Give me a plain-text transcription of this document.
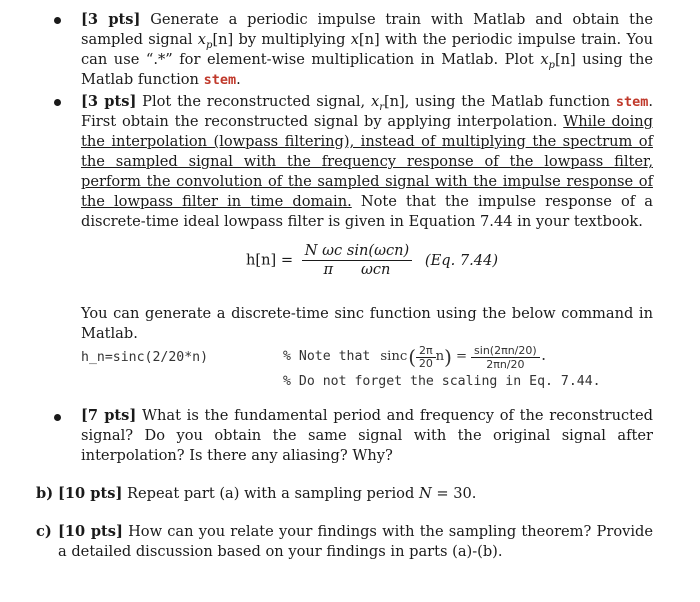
[3 pts] Generate a periodic impulse train with Matlab and obtain the sampled signal $x_p[n]$ by multiplying x[n] with the periodic impulse train. You can use “.*” for element-wise multiplication in Matlab. Plot $x_p[n]$ using the Matlab function stem.
[3 pts] Plot the reconstructed signal, $x_r[n]$, using the Matlab function stem. First obtain the reconstructed signal by applying interpolation. While doing the interpolation (lowpass filtering), instead of multiplying the spectrum of the sampled signal with the frequency response of the lowpass filter, perform the convolution of the sampled signal with the impulse response of the lowpass filter in time domain. Note that the impulse response of a discrete-time ideal lowpass filter is given in Equation 7.44 in your textbook.
$h[n] = \frac{\text{N ωc sin(ωcn)}}{\text{π ωcn}} (Eq$. 7.44)
You can generate a discrete-time sinc function using the below command in Matlab.
h_n=sinc(2/20*n)	% Note that sinc ( $\frac{2\pi}{20}$ n ) = $\frac{\sin(2\pi n/20)}{2\pi n/20}$ .
% Do not forget the scaling in Eq. 7.44.
[7 pts] What is the fundamental period and frequency of the reconstructed signal? Do you obtain the same signal with the original signal after interpolation? Is there any aliasing? Why?
b) [10 pts] Repeat part (a) with a sampling period N = 30.
c) [10 pts] How can you relate your findings with the sampling theorem? Provide a detailed discussion based on your findings in parts (a)-(b).
